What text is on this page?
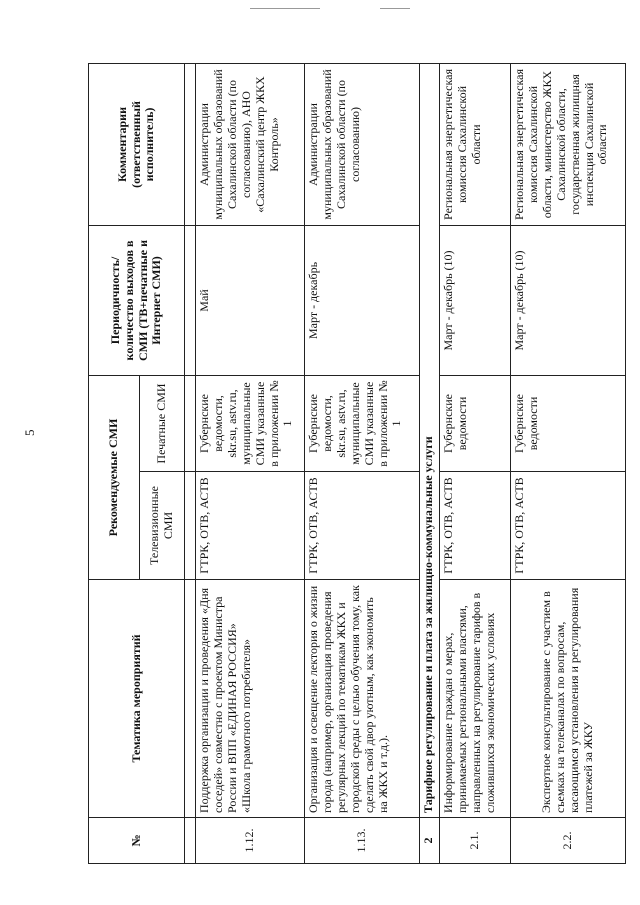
5
№	Тематика мероприятий	Рекомендуемые СМИ		Периодичность/количество выходов в СМИ (ТВ+печатные и Интернет СМИ)	Комментарии (ответственный исполнитель)
		Телевизионные СМИ	Печатные СМИ		

1.12.	Поддержка организации и проведения «Дня соседей» совместно с проектом Министра России и ВПП «ЕДИНАЯ РОССИЯ» «Школа грамотного потребителя»	ГТРК, ОТВ, АСТВ	Губернские ведомости, skr.su, astv.ru, муниципальные СМИ указанные в приложении № 1	Май	Администрации муниципальных образований Сахалинской области (по согласованию), АНО «Сахалинский центр ЖКХ Контроль»
1.13.	Организация и освещение лектория о жизни города (например, организация проведения регулярных лекций по тематикам ЖКХ и городской среды с целью обучения тому, как сделать свой двор уютным, как экономить на ЖКХ и т.д.).	ГТРК, ОТВ, АСТВ	Губернские ведомости, skr.su, astv.ru, муниципальные СМИ указанные в приложении № 1	Март - декабрь	Администрации муниципальных образований Сахалинской области (по согласованию)
2	Тарифное регулирование и плата за жилищно-коммунальные услуги				
2.1.	Информирование граждан о мерах, принимаемых региональными властями, направленных на регулирование тарифов в сложившихся экономических условиях	ГТРК, ОТВ, АСТВ	Губернские ведомости	Март - декабрь (10)	Региональная энергетическая комиссия Сахалинской области
2.2.	Экспертное консультирование с участием в съемках на телеканалах по вопросам, касающимся установления и регулирования платежей за ЖКУ	ГТРК, ОТВ, АСТВ	Губернские ведомости	Март - декабрь (10)	Региональная энергетическая комиссия Сахалинской области, министерство ЖКХ Сахалинской области, государственная жилищная инспекция Сахалинской области
